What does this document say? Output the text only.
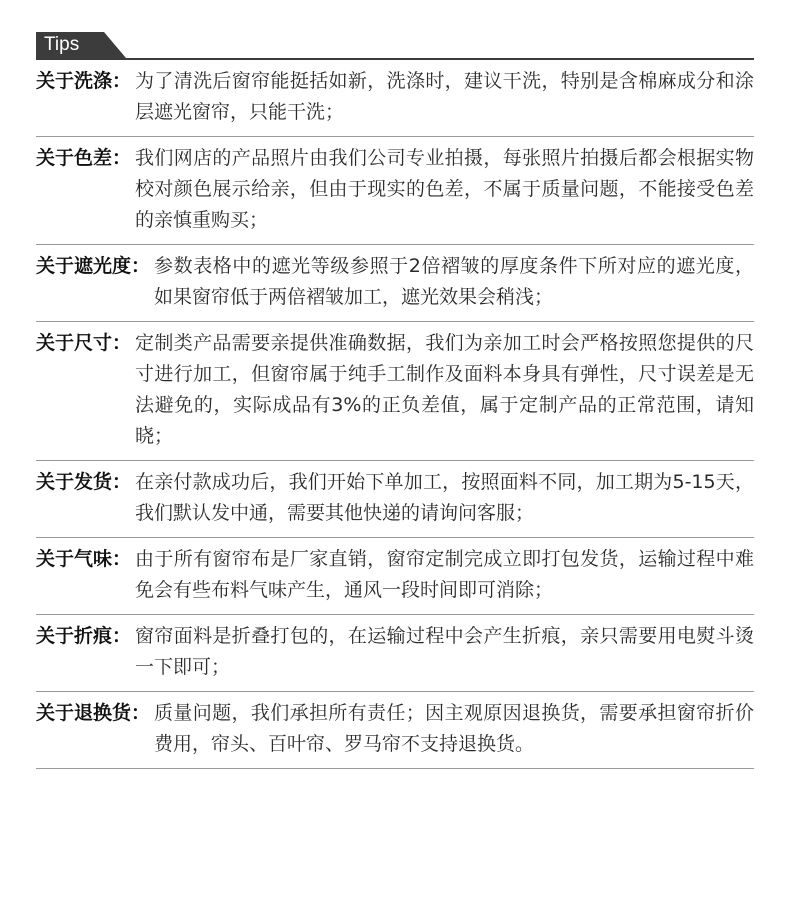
Tips
关于洗涤： 为了清洗后窗帘能挺括如新，洗涤时，建议干洗，特别是含棉麻成分和涂层遮光窗帘，只能干洗；
关于色差： 我们网店的产品照片由我们公司专业拍摄，每张照片拍摄后都会根据实物校对颜色展示给亲，但由于现实的色差，不属于质量问题，不能接受色差的亲慎重购买；
关于遮光度： 参数表格中的遮光等级参照于2倍褶皱的厚度条件下所对应的遮光度，如果窗帘低于两倍褶皱加工，遮光效果会稍浅；
关于尺寸： 定制类产品需要亲提供准确数据，我们为亲加工时会严格按照您提供的尺寸进行加工，但窗帘属于纯手工制作及面料本身具有弹性，尺寸误差是无法避免的，实际成品有3%的正负差值，属于定制产品的正常范围，请知晓；
关于发货： 在亲付款成功后，我们开始下单加工，按照面料不同，加工期为5-15天，我们默认发中通，需要其他快递的请询问客服；
关于气味： 由于所有窗帘布是厂家直销，窗帘定制完成立即打包发货，运输过程中难免会有些布料气味产生，通风一段时间即可消除；
关于折痕： 窗帘面料是折叠打包的，在运输过程中会产生折痕，亲只需要用电熨斗烫一下即可；
关于退换货： 质量问题，我们承担所有责任；因主观原因退换货，需要承担窗帘折价费用，帘头、百叶帘、罗马帘不支持退换货。
